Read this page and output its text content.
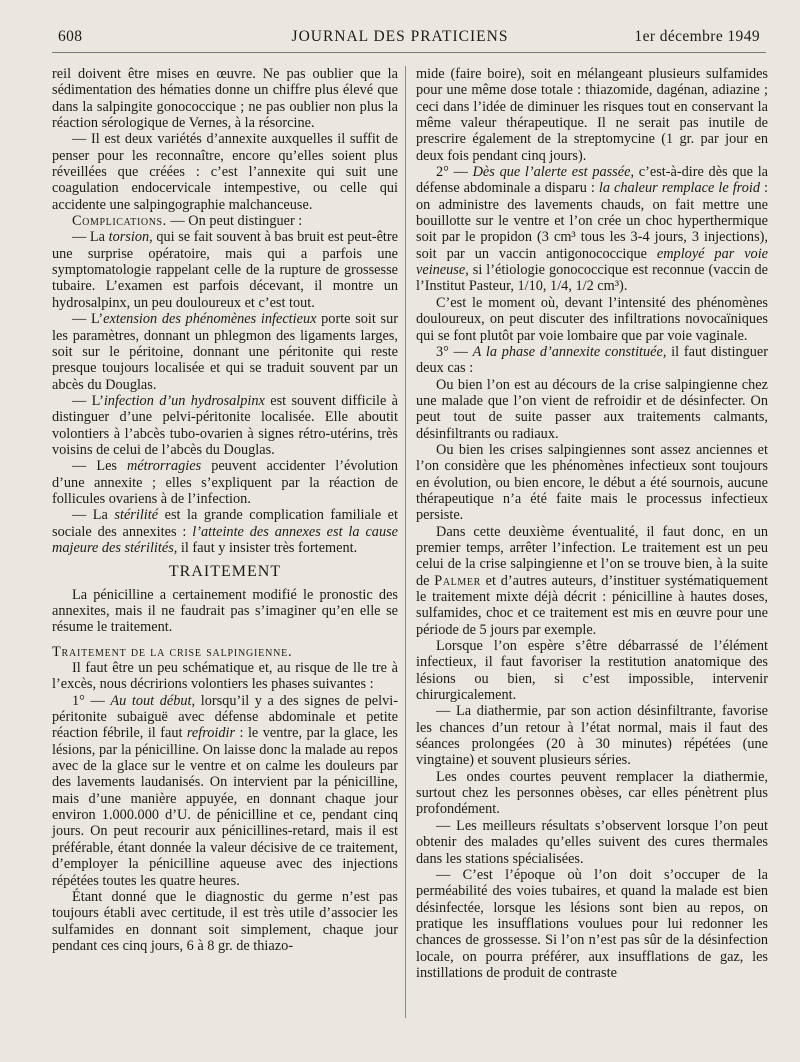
608	JOURNAL DES PRATICIENS	1er décembre 1949

reil doivent être mises en œuvre. Ne pas oublier que la sédimentation des hématies donne un chiffre plus élevé que dans la salpingite gonococcique ; ne pas oublier non plus la réaction sérologique de Vernes, à la résorcine.

— Il est deux variétés d’annexite auxquelles il suffit de penser pour les reconnaître, encore qu’elles soient plus réveillées que créées : c’est l’annexite qui suit une coagulation endocervicale intempestive, ou celle qui accidente une salpingographie malchanceuse.

Complications. — On peut distinguer :

— La torsion, qui se fait souvent à bas bruit est peut-être une surprise opératoire, mais qui a parfois une symptomatologie rappelant celle de la rupture de grossesse tubaire. L’examen est parfois décevant, il montre un hydrosalpinx, un peu douloureux et c’est tout.

— L’extension des phénomènes infectieux porte soit sur les paramètres, donnant un phlegmon des ligaments larges, soit sur le péritoine, donnant une péritonite qui reste presque toujours localisée et qui se traduit souvent par un abcès du Douglas.

— L’infection d’un hydrosalpinx est souvent difficile à distinguer d’une pelvi-péritonite localisée. Elle aboutit volontiers à l’abcès tubo-ovarien à signes rétro-utérins, très voisins de celui de l’abcès du Douglas.

— Les métrorragies peuvent accidenter l’évolution d’une annexite ; elles s’expliquent par la réaction de follicules ovariens à de l’infection.

— La stérilité est la grande complication familiale et sociale des annexites : l’atteinte des annexes est la cause majeure des stérilités, il faut y insister très fortement.

TRAITEMENT

La pénicilline a certainement modifié le pronostic des annexites, mais il ne faudrait pas s’imaginer qu’en elle se résume le traitement.

Traitement de la crise salpingienne.

Il faut être un peu schématique et, au risque de lle tre à l’excès, nous décririons volontiers les phases suivantes :

1° — Au tout début, lorsqu’il y a des signes de pelvi-péritonite subaiguë avec défense abdominale et petite réaction fébrile, il faut refroidir : le ventre, par la glace, les lésions, par la pénicilline. On laisse donc la malade au repos avec de la glace sur le ventre et on calme les douleurs par des lavements laudanisés. On intervient par la pénicilline, mais d’une manière appuyée, en donnant chaque jour environ 1.000.000 d’U. de pénicilline et ce, pendant cinq jours. On peut recourir aux pénicillines-retard, mais il est préférable, étant donnée la valeur décisive de ce traitement, d’employer la pénicilline aqueuse avec des injections répétées toutes les quatre heures.

Étant donné que le diagnostic du germe n’est pas toujours établi avec certitude, il est très utile d’associer les sulfamides en donnant soit simplement, chaque jour pendant ces cinq jours, 6 à 8 gr. de thiazo-

mide (faire boire), soit en mélangeant plusieurs sulfamides pour une même dose totale : thiazomide, dagénan, adiazine ; ceci dans l’idée de diminuer les risques tout en conservant la même valeur thérapeutique. Il ne serait pas inutile de prescrire également de la streptomycine (1 gr. par jour en deux fois pendant cinq jours).

2° — Dès que l’alerte est passée, c’est-à-dire dès que la défense abdominale a disparu : la chaleur remplace le froid : on administre des lavements chauds, on fait mettre une bouillotte sur le ventre et l’on crée un choc hyperthermique soit par le propidon (3 cm³ tous les 3-4 jours, 3 injections), soit par un vaccin antigonococcique employé par voie veineuse, si l’étiologie gonococcique est reconnue (vaccin de l’Institut Pasteur, 1/10, 1/4, 1/2 cm³).

C’est le moment où, devant l’intensité des phénomènes douloureux, on peut discuter des infiltrations novocaïniques qui se font plutôt par voie lombaire que par voie vaginale.

3° — A la phase d’annexite constituée, il faut distinguer deux cas :

Ou bien l’on est au décours de la crise salpingienne chez une malade que l’on vient de refroidir et de désinfecter. On peut tout de suite passer aux traitements calmants, désinfiltrants ou radiaux.

Ou bien les crises salpingiennes sont assez anciennes et l’on considère que les phénomènes infectieux sont toujours en évolution, ou bien encore, le début a été sournois, aucune thérapeutique n’a été faite mais le processus infectieux persiste.

Dans cette deuxième éventualité, il faut donc, en un premier temps, arrêter l’infection. Le traitement est un peu celui de la crise salpingienne et l’on se trouve bien, à la suite de Palmer et d’autres auteurs, d’instituer systématiquement le traitement mixte déjà décrit : pénicilline à hautes doses, sulfamides, choc et ce traitement est mis en œuvre pour une période de 5 jours par exemple.

Lorsque l’on espère s’être débarrassé de l’élément infectieux, il faut favoriser la restitution anatomique des lésions ou bien, si c’est impossible, intervenir chirurgicalement.

— La diathermie, par son action désinfiltrante, favorise les chances d’un retour à l’état normal, mais il faut des séances prolongées (20 à 30 minutes) répétées (une vingtaine) et souvent plusieurs séries.

Les ondes courtes peuvent remplacer la diathermie, surtout chez les personnes obèses, car elles pénètrent plus profondément.

— Les meilleurs résultats s’observent lorsque l’on peut obtenir des malades qu’elles suivent des cures thermales dans les stations spécialisées.

— C’est l’époque où l’on doit s’occuper de la perméabilité des voies tubaires, et quand la malade est bien désinfectée, lorsque les lésions sont bien au repos, on pratique les insufflations voulues pour lui redonner les chances de grossesse. Si l’on n’est pas sûr de la désinfection locale, on pourra préférer, aux insufflations de gaz, les instillations de produit de contraste
